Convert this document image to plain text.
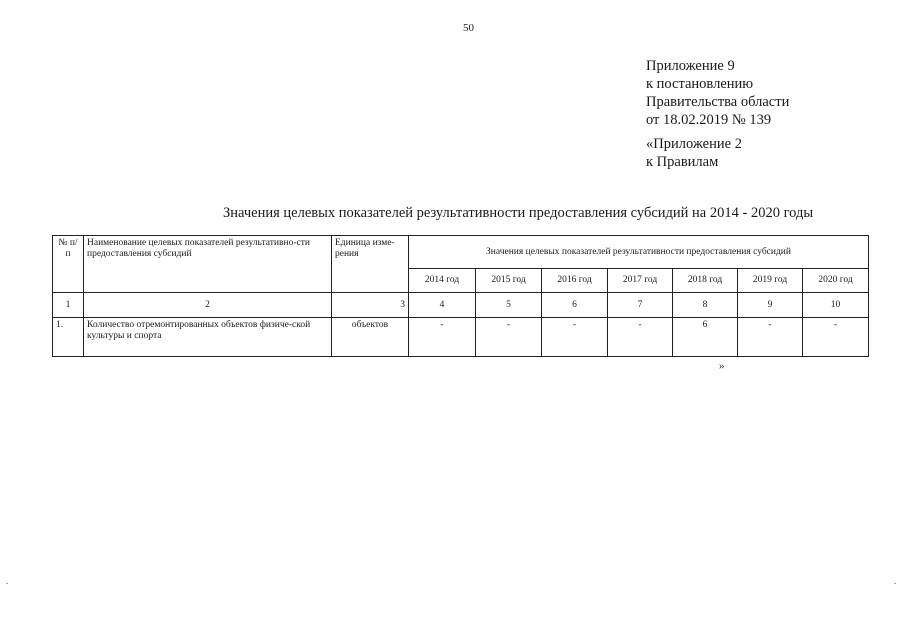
50
Приложение 9
к постановлению
Правительства области
от 18.02.2019 № 139
«Приложение 2
к Правилам
Значения целевых показателей результативности предоставления субсидий на 2014 - 2020 годы
№ п/п	Наименование целевых показателей результативно-сти предоставления субсидий	Единица изме-рения	Значения целевых показателей результативности предоставления субсидий						
			2014 год	2015 год	2016 год	2017 год	2018 год	2019 год	2020 год
1	2	3	4	5	6	7	8	9	10
1.	Количество отремонтированных объектов физиче-ской культуры и спорта	объектов	-	-	-	-	6	-	-
»
.	.
